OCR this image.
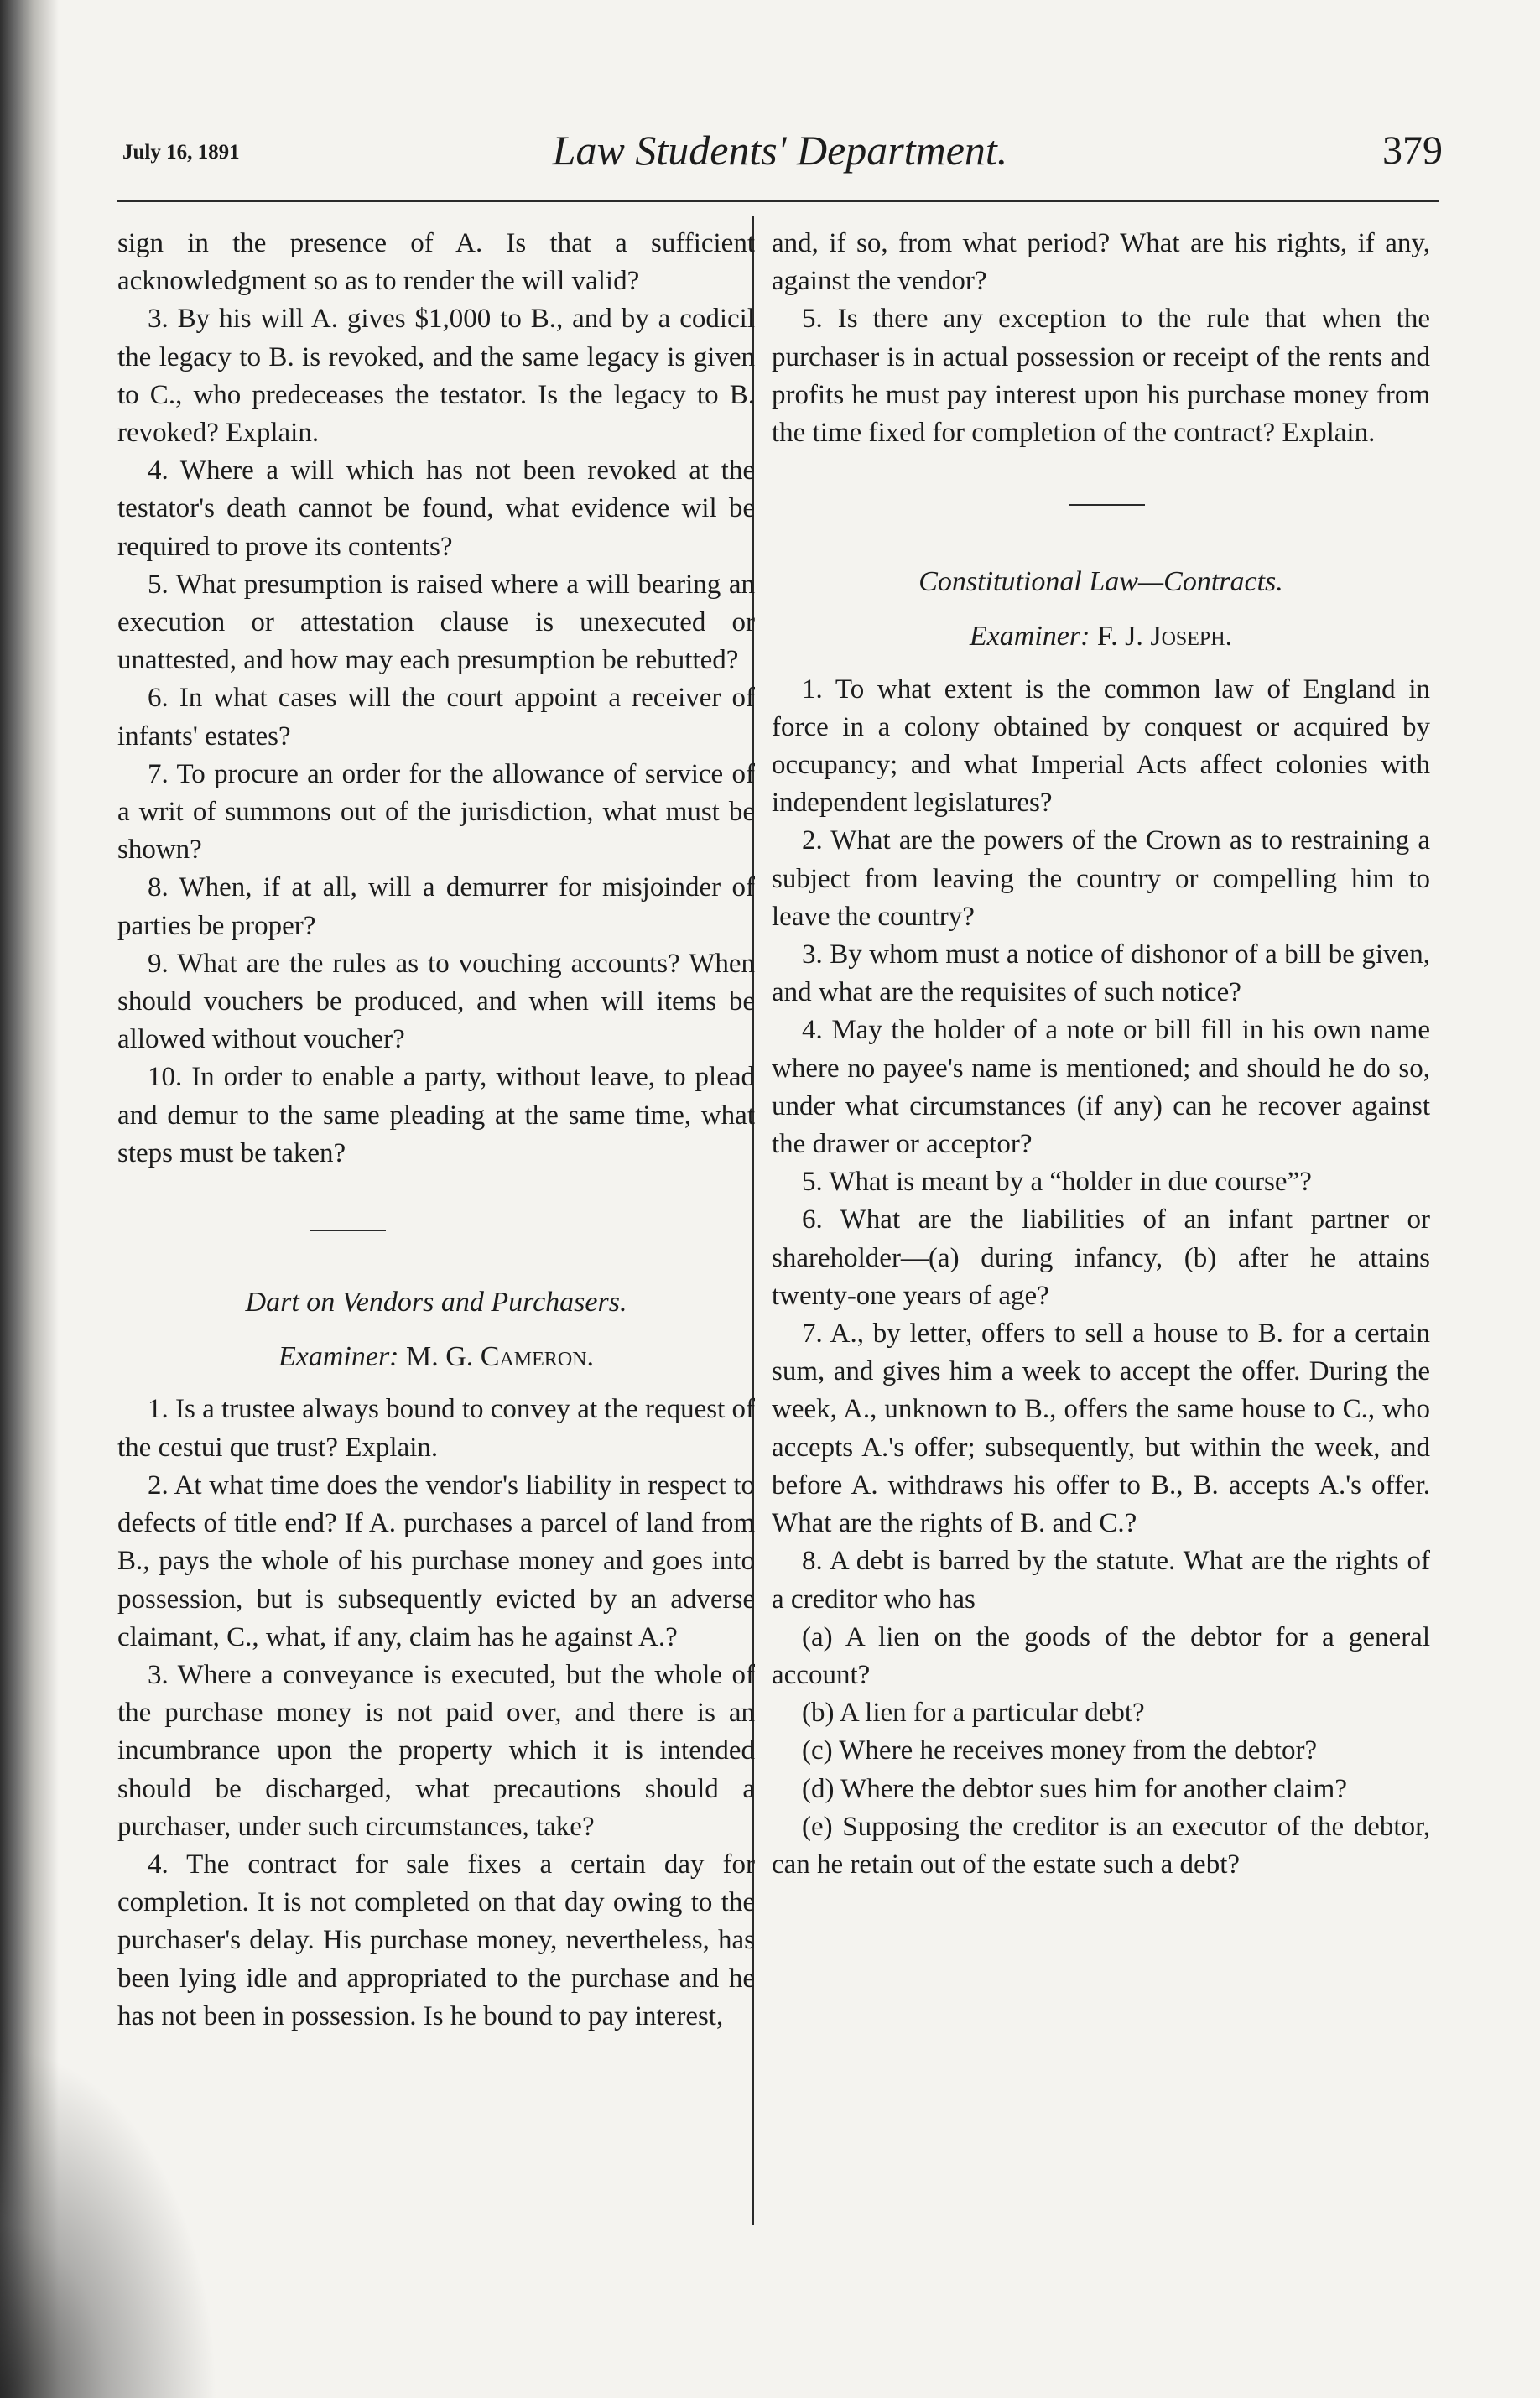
July 16, 1891	Law Students' Department.	379

sign in the presence of A. Is that a sufficient acknowledgment so as to render the will valid?

3. By his will A. gives $1,000 to B., and by a codicil the legacy to B. is revoked, and the same legacy is given to C., who predeceases the testator. Is the legacy to B. revoked? Explain.

4. Where a will which has not been revoked at the testator's death cannot be found, what evidence wil be required to prove its contents?

5. What presumption is raised where a will bearing an execution or attestation clause is unexecuted or unattested, and how may each presumption be rebutted?

6. In what cases will the court appoint a receiver of infants' estates?

7. To procure an order for the allowance of service of a writ of summons out of the jurisdiction, what must be shown?

8. When, if at all, will a demurrer for misjoinder of parties be proper?

9. What are the rules as to vouching accounts? When should vouchers be produced, and when will items be allowed without voucher?

10. In order to enable a party, without leave, to plead and demur to the same pleading at the same time, what steps must be taken?

Dart on Vendors and Purchasers.

Examiner: M. G. Cameron.

1. Is a trustee always bound to convey at the request of the cestui que trust? Explain.

2. At what time does the vendor's liability in respect to defects of title end? If A. purchases a parcel of land from B., pays the whole of his purchase money and goes into possession, but is subsequently evicted by an adverse claimant, C., what, if any, claim has he against A.?

3. Where a conveyance is executed, but the whole of the purchase money is not paid over, and there is an incumbrance upon the property which it is intended should be discharged, what precautions should a purchaser, under such circumstances, take?

4. The contract for sale fixes a certain day for completion. It is not completed on that day owing to the purchaser's delay. His purchase money, nevertheless, has been lying idle and appropriated to the purchase and he has not been in possession. Is he bound to pay interest,

and, if so, from what period? What are his rights, if any, against the vendor?

5. Is there any exception to the rule that when the purchaser is in actual possession or receipt of the rents and profits he must pay interest upon his purchase money from the time fixed for completion of the contract? Explain.

Constitutional Law—Contracts.

Examiner: F. J. Joseph.

1. To what extent is the common law of England in force in a colony obtained by conquest or acquired by occupancy; and what Imperial Acts affect colonies with independent legislatures?

2. What are the powers of the Crown as to restraining a subject from leaving the country or compelling him to leave the country?

3. By whom must a notice of dishonor of a bill be given, and what are the requisites of such notice?

4. May the holder of a note or bill fill in his own name where no payee's name is mentioned; and should he do so, under what circumstances (if any) can he recover against the drawer or acceptor?

5. What is meant by a “holder in due course”?

6. What are the liabilities of an infant partner or shareholder—(a) during infancy, (b) after he attains twenty-one years of age?

7. A., by letter, offers to sell a house to B. for a certain sum, and gives him a week to accept the offer. During the week, A., unknown to B., offers the same house to C., who accepts A.'s offer; subsequently, but within the week, and before A. withdraws his offer to B., B. accepts A.'s offer. What are the rights of B. and C.?

8. A debt is barred by the statute. What are the rights of a creditor who has

(a) A lien on the goods of the debtor for a general account?

(b) A lien for a particular debt?

(c) Where he receives money from the debtor?

(d) Where the debtor sues him for another claim?

(e) Supposing the creditor is an executor of the debtor, can he retain out of the estate such a debt?
